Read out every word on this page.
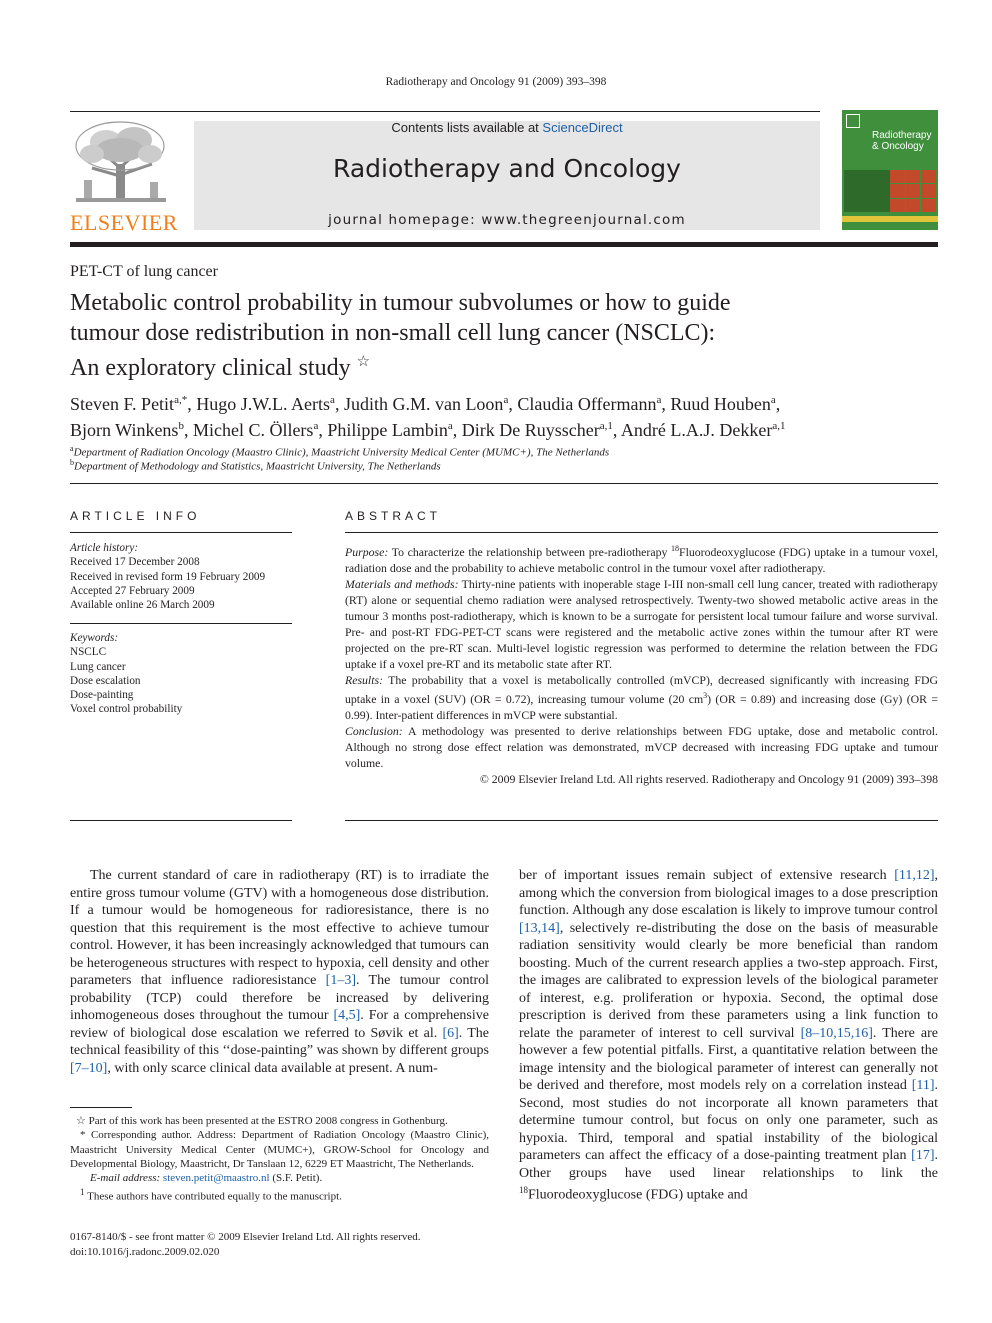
Radiotherapy and Oncology 91 (2009) 393–398
ELSEVIER
Contents lists available at ScienceDirect
Radiotherapy and Oncology
journal homepage: www.thegreenjournal.com
Radiotherapy
& Oncology
PET-CT of lung cancer
Metabolic control probability in tumour subvolumes or how to guide
tumour dose redistribution in non-small cell lung cancer (NSCLC):
An exploratory clinical study ☆
Steven F. Petit$^{a,*}$, Hugo J.W.L. Aerts$^a$, Judith G.M. van Loon$^a$, Claudia Offermann$^a$, Ruud Houben$^a$,
Bjorn Winkens$^b$, Michel C. Öllers$^a$, Philippe Lambin$^a$, Dirk De Ruysscher$^{a,1}$, André L.A.J. Dekker$^{a,1}$
$^a$Department of Radiation Oncology (Maastro Clinic), Maastricht University Medical Center (MUMC+), The Netherlands
$^b$Department of Methodology and Statistics, Maastricht University, The Netherlands
ARTICLE INFO
Article history:
Received 17 December 2008
Received in revised form 19 February 2009
Accepted 27 February 2009
Available online 26 March 2009
Keywords:
NSCLC
Lung cancer
Dose escalation
Dose-painting
Voxel control probability
ABSTRACT

Purpose: To characterize the relationship between pre-radiotherapy $^{18}$Fluorodeoxyglucose (FDG) uptake in a tumour voxel, radiation dose and the probability to achieve metabolic control in the tumour voxel after radiotherapy.

Materials and methods: Thirty-nine patients with inoperable stage I-III non-small cell lung cancer, treated with radiotherapy (RT) alone or sequential chemo radiation were analysed retrospectively. Twenty-two showed metabolic active areas in the tumour 3 months post-radiotherapy, which is known to be a surrogate for persistent local tumour failure and worse survival. Pre- and post-RT FDG-PET-CT scans were registered and the metabolic active zones within the tumour after RT were projected on the pre-RT scan. Multi-level logistic regression was performed to determine the relation between the FDG uptake if a voxel pre-RT and its metabolic state after RT.

Results: The probability that a voxel is metabolically controlled (mVCP), decreased significantly with increasing FDG uptake in a voxel (SUV) (OR = 0.72), increasing tumour volume (20 $cm^3$) (OR = 0.89) and increasing dose (Gy) (OR = 0.99). Inter-patient differences in mVCP were substantial.

Conclusion: A methodology was presented to derive relationships between FDG uptake, dose and metabolic control. Although no strong dose effect relation was demonstrated, mVCP decreased with increasing FDG uptake and tumour volume.

© 2009 Elsevier Ireland Ltd. All rights reserved. Radiotherapy and Oncology 91 (2009) 393–398

The current standard of care in radiotherapy (RT) is to irradiate the entire gross tumour volume (GTV) with a homogeneous dose distribution. If a tumour would be homogeneous for radioresistance, there is no question that this requirement is the most effective to achieve tumour control. However, it has been increasingly acknowledged that tumours can be heterogeneous structures with respect to hypoxia, cell density and other parameters that influence radioresistance [1–3]. The tumour control probability (TCP) could therefore be increased by delivering inhomogeneous doses throughout the tumour [4,5]. For a comprehensive review of biological dose escalation we referred to Søvik et al. [6]. The technical feasibility of this ‘‘dose-painting” was shown by different groups [7–10], with only scarce clinical data available at present. A num-

ber of important issues remain subject of extensive research [11,12], among which the conversion from biological images to a dose prescription function. Although any dose escalation is likely to improve tumour control [13,14], selectively re-distributing the dose on the basis of measurable radiation sensitivity would clearly be more beneficial than random boosting. Much of the current research applies a two-step approach. First, the images are calibrated to expression levels of the biological parameter of interest, e.g. proliferation or hypoxia. Second, the optimal dose prescription is derived from these parameters using a link function to relate the parameter of interest to cell survival [8–10,15,16]. There are however a few potential pitfalls. First, a quantitative relation between the image intensity and the biological parameter of interest can generally not be derived and therefore, most models rely on a correlation instead [11]. Second, most studies do not incorporate all known parameters that determine tumour control, but focus on only one parameter, such as hypoxia. Third, temporal and spatial instability of the biological parameters can affect the efficacy of a dose-painting treatment plan [17]. Other groups have used linear relationships to link the $^{18}$Fluorodeoxyglucose (FDG) uptake and

☆ Part of this work has been presented at the ESTRO 2008 congress in Gothenburg.

* Corresponding author. Address: Department of Radiation Oncology (Maastro Clinic), Maastricht University Medical Center (MUMC+), GROW-School for Oncology and Developmental Biology, Maastricht, Dr Tanslaan 12, 6229 ET Maastricht, The Netherlands.

E-mail address: steven.petit@maastro.nl (S.F. Petit).

$^1$ These authors have contributed equally to the manuscript.

0167-8140/$ - see front matter © 2009 Elsevier Ireland Ltd. All rights reserved.
doi:10.1016/j.radonc.2009.02.020
